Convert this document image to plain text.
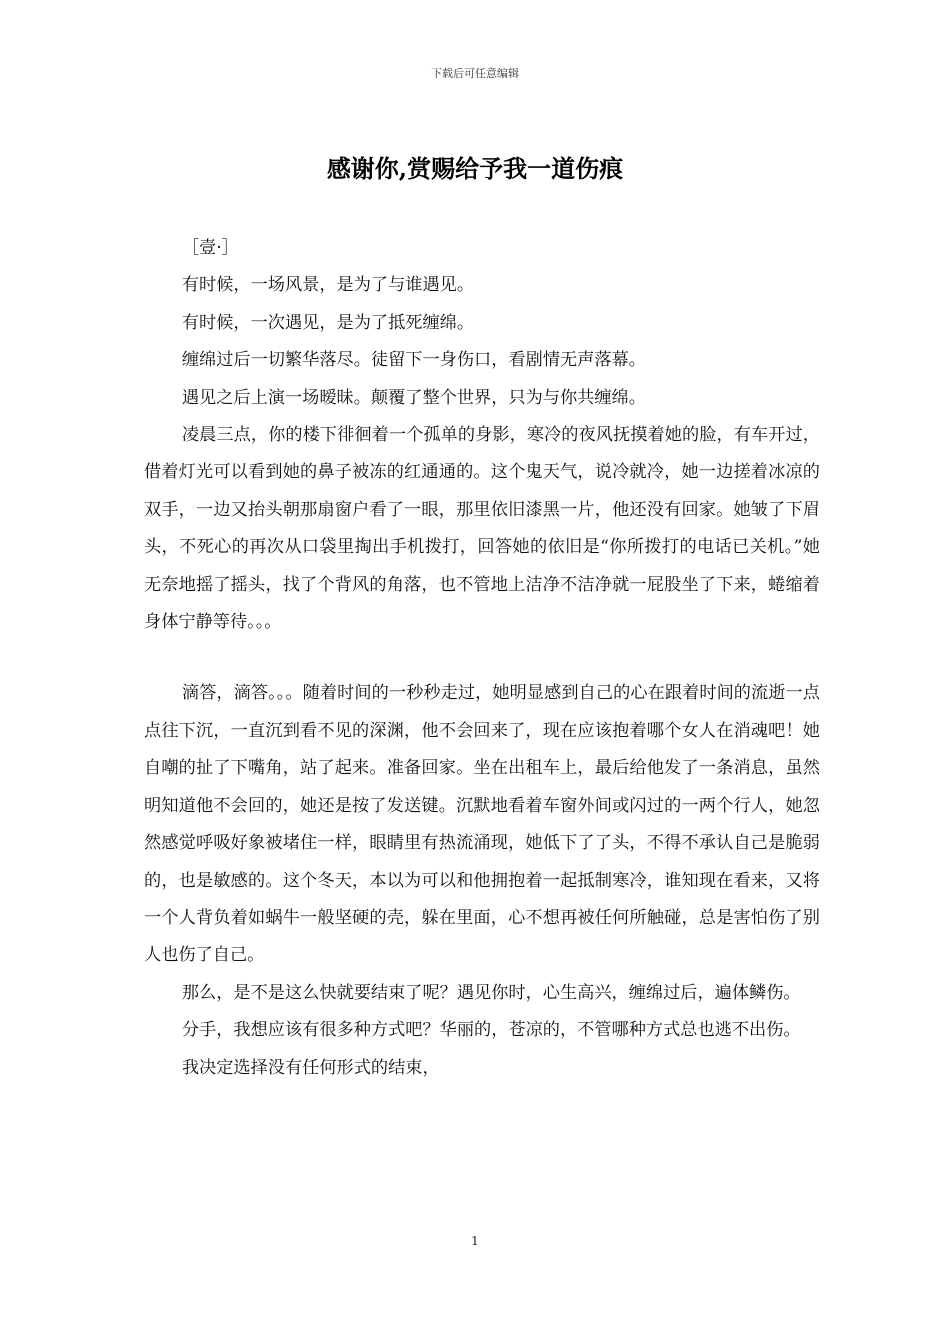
下载后可任意编辑
感谢你,赏赐给予我一道伤痕

［壹·］

有时候，一场风景，是为了与谁遇见。

有时候，一次遇见，是为了抵死缠绵。

缠绵过后一切繁华落尽。徒留下一身伤口，看剧情无声落幕。

遇见之后上演一场暧昧。颠覆了整个世界，只为与你共缠绵。

凌晨三点，你的楼下徘徊着一个孤单的身影，寒冷的夜风抚摸着她的脸，有车开过，借着灯光可以看到她的鼻子被冻的红通通的。这个鬼天气，说冷就冷，她一边搓着冰凉的双手，一边又抬头朝那扇窗户看了一眼，那里依旧漆黑一片，他还没有回家。她皱了下眉头，不死心的再次从口袋里掏出手机拨打，回答她的依旧是“你所拨打的电话已关机。”她无奈地摇了摇头，找了个背风的角落，也不管地上洁净不洁净就一屁股坐了下来，蜷缩着身体宁静等待。。。

滴答，滴答。。。随着时间的一秒秒走过，她明显感到自己的心在跟着时间的流逝一点点往下沉，一直沉到看不见的深渊，他不会回来了，现在应该抱着哪个女人在消魂吧！她自嘲的扯了下嘴角，站了起来。准备回家。坐在出租车上，最后给他发了一条消息，虽然明知道他不会回的，她还是按了发送键。沉默地看着车窗外间或闪过的一两个行人，她忽然感觉呼吸好象被堵住一样，眼睛里有热流涌现，她低下了了头，不得不承认自己是脆弱的，也是敏感的。这个冬天，本以为可以和他拥抱着一起抵制寒冷，谁知现在看来，又将一个人背负着如蜗牛一般坚硬的壳，躲在里面，心不想再被任何所触碰，总是害怕伤了别人也伤了自己。

那么，是不是这么快就要结束了呢？遇见你时，心生高兴，缠绵过后，遍体鳞伤。

分手，我想应该有很多种方式吧？华丽的，苍凉的，不管哪种方式总也逃不出伤。

我决定选择没有任何形式的结束，

1
